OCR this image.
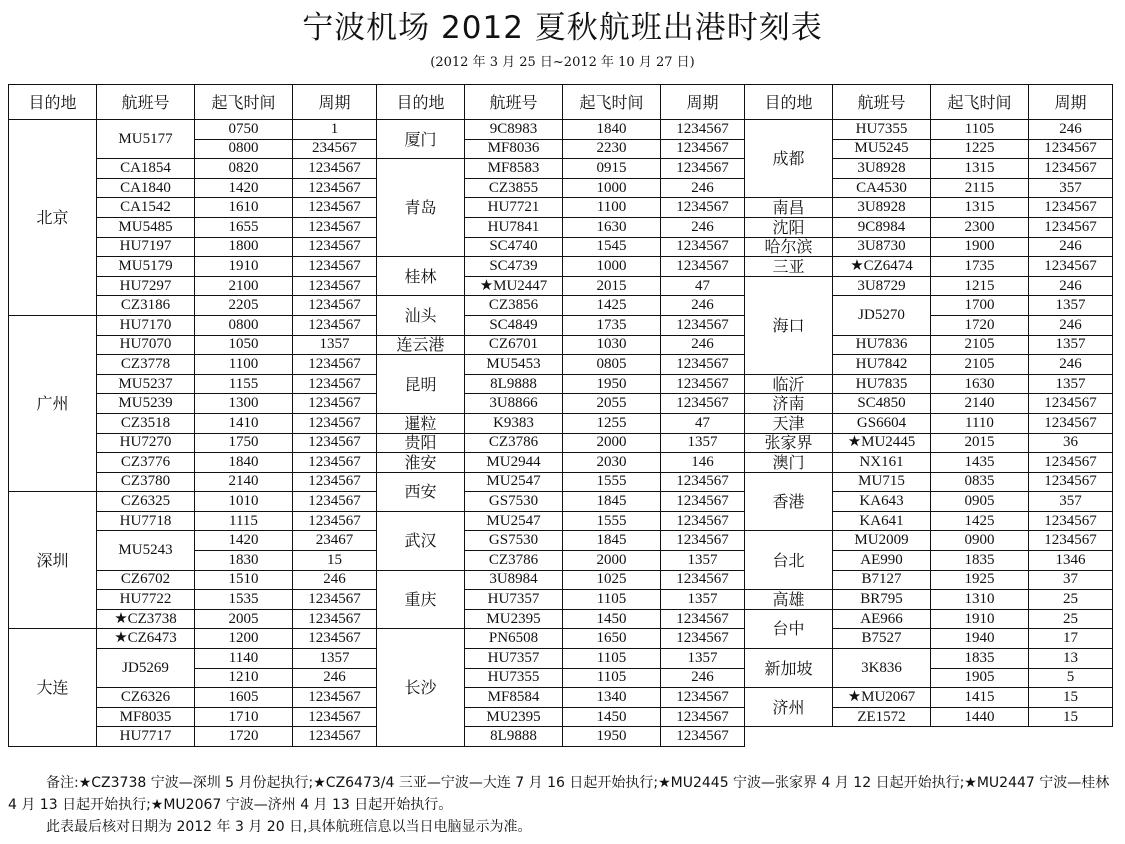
宁波机场 2012 夏秋航班出港时刻表
(2012 年 3 月 25 日~2012 年 10 月 27 日)
目的地	航班号	起飞时间	周期
北京	MU5177	0750	1
		0800	234567
	CA1854	0820	1234567
	CA1840	1420	1234567
	CA1542	1610	1234567
	MU5485	1655	1234567
	HU7197	1800	1234567
	MU5179	1910	1234567
	HU7297	2100	1234567
	CZ3186	2205	1234567
广州	HU7170	0800	1234567
	HU7070	1050	1357
	CZ3778	1100	1234567
	MU5237	1155	1234567
	MU5239	1300	1234567
	CZ3518	1410	1234567
	HU7270	1750	1234567
	CZ3776	1840	1234567
	CZ3780	2140	1234567
深圳	CZ6325	1010	1234567
	HU7718	1115	1234567
	MU5243	1420	23467
		1830	15
	CZ6702	1510	246
	HU7722	1535	1234567
	★CZ3738	2005	1234567
大连	★CZ6473	1200	1234567
	JD5269	1140	1357
		1210	246
	CZ6326	1605	1234567
	MF8035	1710	1234567
	HU7717	1720	1234567
目的地	航班号	起飞时间	周期
厦门	9C8983	1840	1234567
	MF8036	2230	1234567
青岛	MF8583	0915	1234567
	CZ3855	1000	246
	HU7721	1100	1234567
	HU7841	1630	246
	SC4740	1545	1234567
桂林	SC4739	1000	1234567
	★MU2447	2015	47
汕头	CZ3856	1425	246
	SC4849	1735	1234567
连云港	CZ6701	1030	246
昆明	MU5453	0805	1234567
	8L9888	1950	1234567
	3U8866	2055	1234567
暹粒	K9383	1255	47
贵阳	CZ3786	2000	1357
淮安	MU2944	2030	146
西安	MU2547	1555	1234567
	GS7530	1845	1234567
武汉	MU2547	1555	1234567
	GS7530	1845	1234567
	CZ3786	2000	1357
重庆	3U8984	1025	1234567
	HU7357	1105	1357
	MU2395	1450	1234567
长沙	PN6508	1650	1234567
	HU7357	1105	1357
	HU7355	1105	246
	MF8584	1340	1234567
	MU2395	1450	1234567
	8L9888	1950	1234567
目的地	航班号	起飞时间	周期
成都	HU7355	1105	246
	MU5245	1225	1234567
	3U8928	1315	1234567
	CA4530	2115	357
南昌	3U8928	1315	1234567
沈阳	9C8984	2300	1234567
哈尔滨	3U8730	1900	246
三亚	★CZ6474	1735	1234567
海口	3U8729	1215	246
	JD5270	1700	1357
		1720	246
	HU7836	2105	1357
	HU7842	2105	246
临沂	HU7835	1630	1357
济南	SC4850	2140	1234567
天津	GS6604	1110	1234567
张家界	★MU2445	2015	36
澳门	NX161	1435	1234567
香港	MU715	0835	1234567
	KA643	0905	357
	KA641	1425	1234567
台北	MU2009	0900	1234567
	AE990	1835	1346
	B7127	1925	37
高雄	BR795	1310	25
台中	AE966	1910	25
	B7527	1940	17
新加坡	3K836	1835	13
		1905	5
济州	★MU2067	1415	15
	ZE1572	1440	15

备注:★CZ3738 宁波—深圳 5 月份起执行;★CZ6473/4 三亚—宁波—大连 7 月 16 日起开始执行;★MU2445 宁波—张家界 4 月 12 日起开始执行;★MU2447 宁波—桂林 4 月 13 日起开始执行;★MU2067 宁波—济州 4 月 13 日起开始执行。

此表最后核对日期为 2012 年 3 月 20 日,具体航班信息以当日电脑显示为准。
